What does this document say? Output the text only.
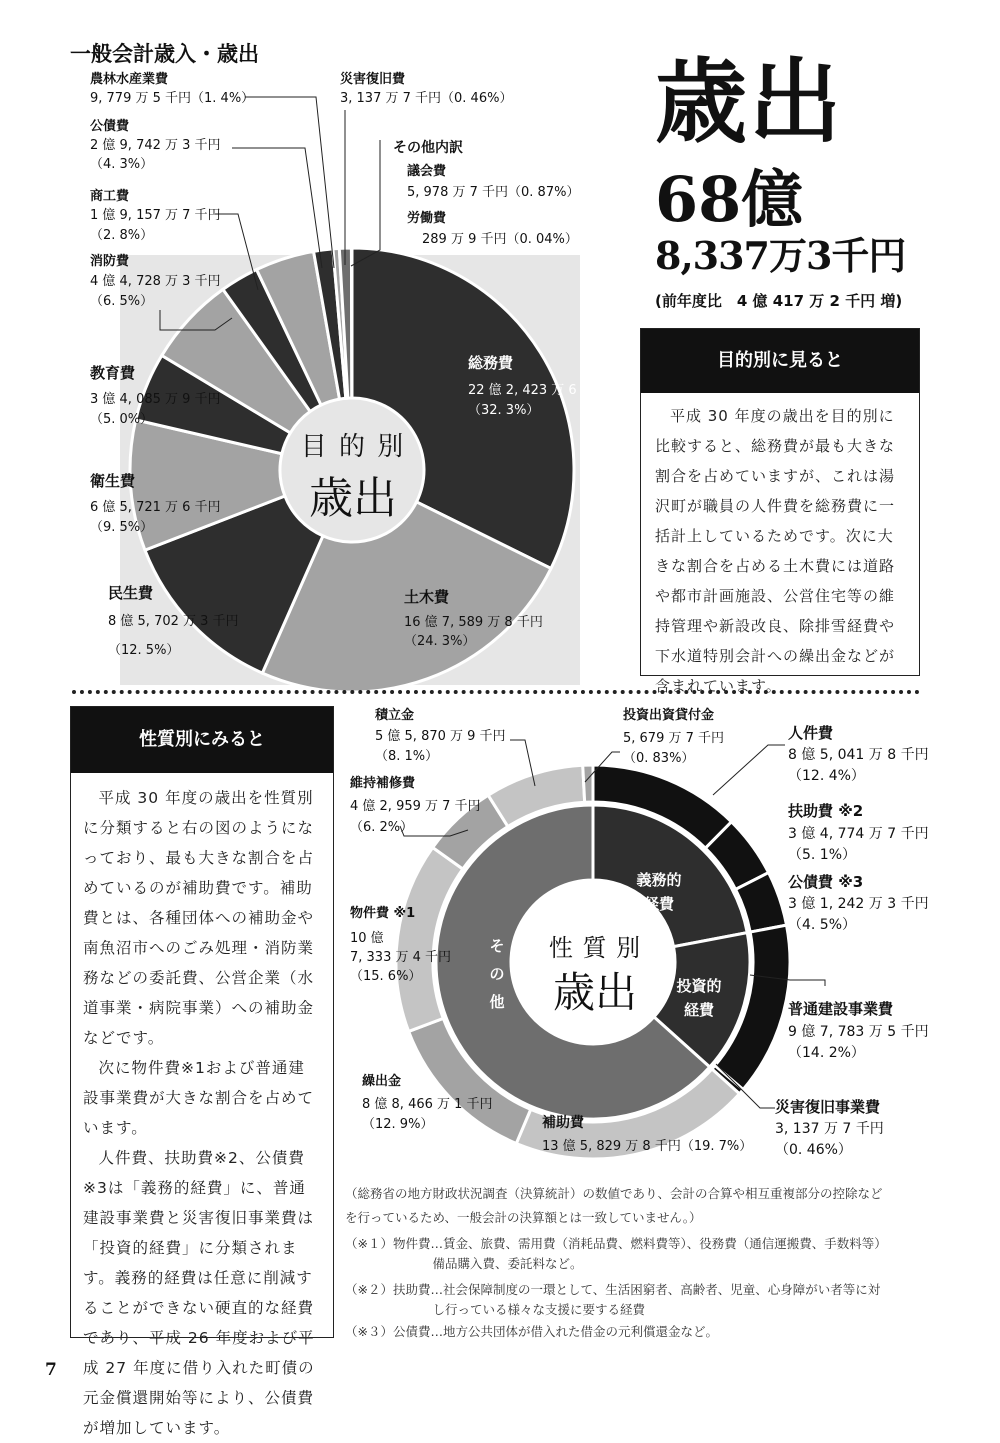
一般会計歳入・歳出
目 的 別
歳出
農林水産業費
9, 779 万 5 千円（1. 4%）
災害復旧費
3, 137 万 7 千円（0. 46%）
公債費
2 億 9, 742 万 3 千円
（4. 3%）
その他内訳
議会費
5, 978 万 7 千円（0. 87%）
労働費
289 万 9 千円（0. 04%）
商工費
1 億 9, 157 万 7 千円
（2. 8%）
消防費
4 億 4, 728 万 3 千円
（6. 5%）
教育費
3 億 4, 085 万 9 千円
（5. 0%）
衛生費
6 億 5, 721 万 6 千円
（9. 5%）
民生費
8 億 5, 702 万 3 千円
（12. 5%）
総務費
22 億 2, 423 万 6 千円
（32. 3%）
土木費
16 億 7, 589 万 8 千円
（24. 3%）
歳出
68億
8,337万3千円
(前年度比　4 億 417 万 2 千円 増)
目的別に見ると
平成 30 年度の歳出を目的別に比較すると、総務費が最も大きな割合を占めていますが、これは湯沢町が職員の人件費を総務費に一括計上しているためです。次に大きな割合を占める土木費には道路や都市計画施設、公営住宅等の維持管理や新設改良、除排雪経費や下水道特別会計への繰出金などが含まれています。
性質別にみると
平成 30 年度の歳出を性質別に分類すると右の図のようになっており、最も大きな割合を占めているのが補助費です。補助費とは、各種団体への補助金や南魚沼市へのごみ処理・消防業務などの委託費、公営企業（水道事業・病院事業）への補助金などです。
次に物件費※1および普通建設事業費が大きな割合を占めています。
人件費、扶助費※2、公債費※3は「義務的経費」に、普通建設事業費と災害復旧事業費は「投資的経費」に分類されます。義務的経費は任意に削減することができない硬直的な経費であり、平成 26 年度および平成 27 年度に借り入れた町債の元金償還開始等により、公債費が増加しています。
性 質 別
歳出
義務的
経費
投資的
経費
そ
の
他
積立金
5 億 5, 870 万 9 千円
（8. 1%）
維持補修費
4 億 2, 959 万 7 千円
（6. 2%）
物件費 ※1
10 億
7, 333 万 4 千円
（15. 6%）
繰出金
8 億 8, 466 万 1 千円
（12. 9%）	補助費
13 億 5, 829 万 8 千円（19. 7%）
投資出資貸付金
5, 679 万 7 千円
（0. 83%）
人件費
8 億 5, 041 万 8 千円
（12. 4%）
扶助費 ※2
3 億 4, 774 万 7 千円
（5. 1%）
公債費 ※3
3 億 1, 242 万 3 千円
（4. 5%）
普通建設事業費
9 億 7, 783 万 5 千円
（14. 2%）
災害復旧事業費
3, 137 万 7 千円
（0. 46%）
（総務省の地方財政状況調査（決算統計）の数値であり、会計の合算や相互重複部分の控除など
を行っているため、一般会計の決算額とは一致していません。）
（※１）物件費…賃金、旅費、需用費（消耗品費、燃料費等）、役務費（通信運搬費、手数料等）
　　　　　　　備品購入費、委託料など。
（※２）扶助費…社会保障制度の一環として、生活困窮者、高齢者、児童、心身障がい者等に対
　　　　　　　し行っている様々な支援に要する経費
（※３）公債費…地方公共団体が借入れた借金の元利償還金など。
7
